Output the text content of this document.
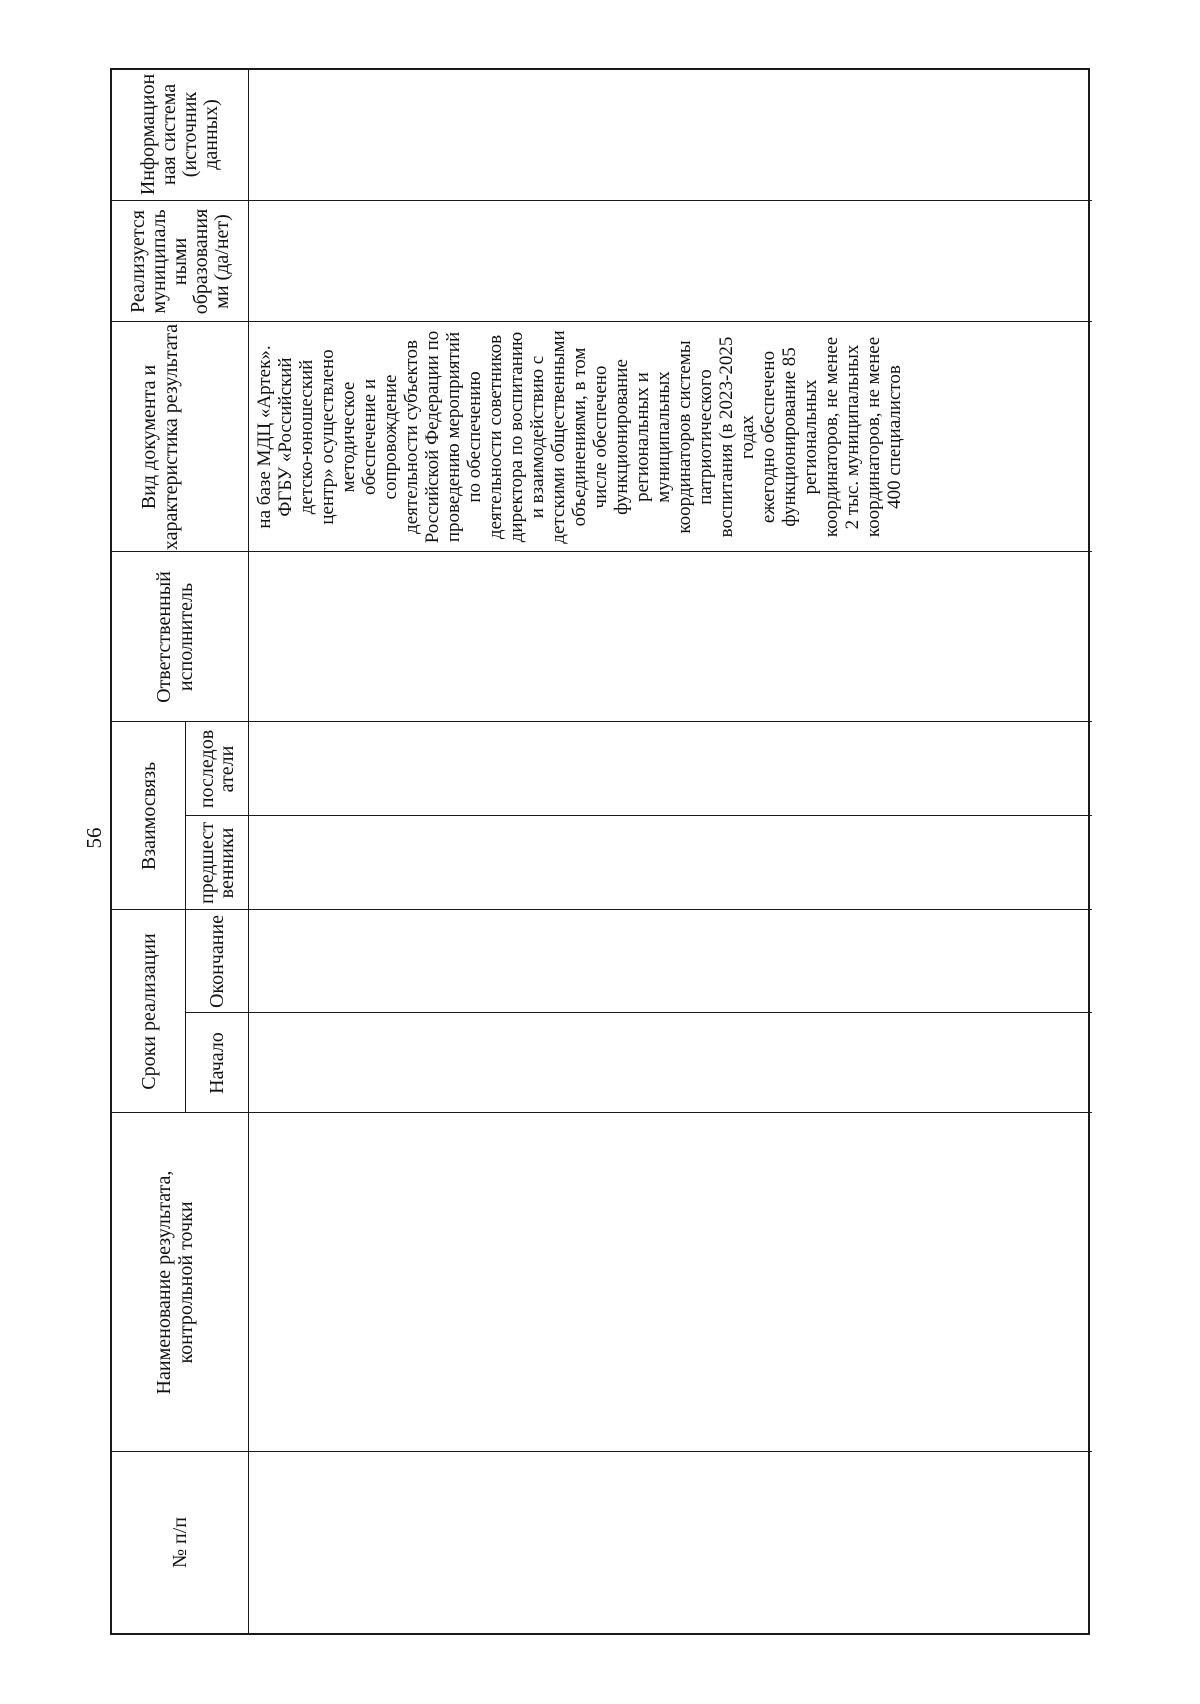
56
№ п/п
Наименование результата, контрольной точки
Сроки реализации Начало
Окончание
Взаимосвязь предшест
венники
последов
атели
Ответственный исполнитель
Вид документа и характеристика результата
Реализуется муниципаль ными образования ми (да/нет)
Информацион ная система (источник данных)
на базе МДЦ «Артек». ФГБУ «Российский детско-юношеский центр» осуществлено методическое обеспечение и сопровождение деятельности субъектов Российской Федерации по проведению мероприятий по обеспечению деятельности советников директора по воспитанию и взаимодействию с детскими общественными объединениями, в том числе обеспечено функционирование региональных и муниципальных координаторов системы патриотического воспитания (в 2023-2025 годах ежегодно обеспечено функционирование 85 региональных координаторов, не менее 2 тыс. муниципальных координаторов, не менее 400 специалистов
